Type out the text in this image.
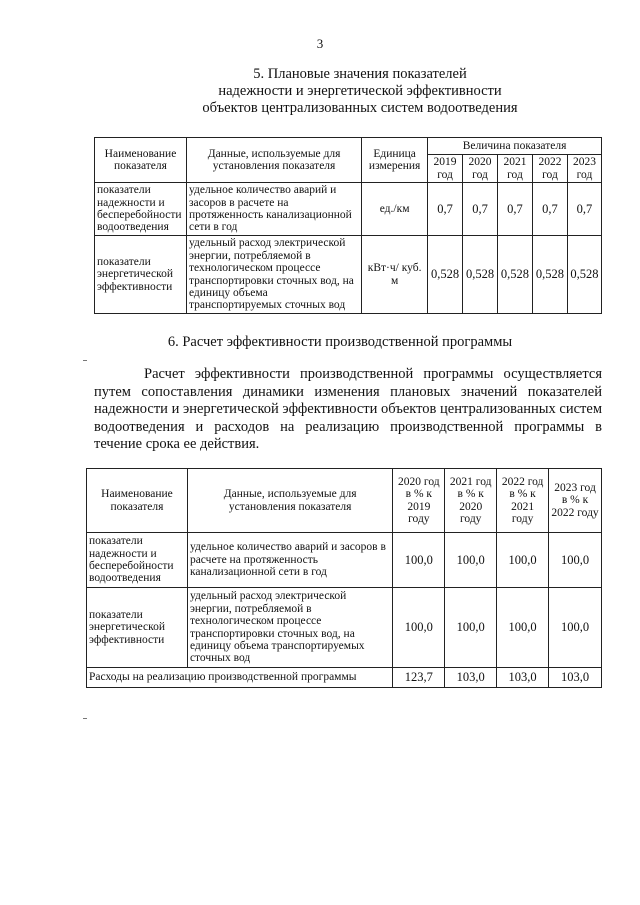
3
5. Плановые значения показателей
надежности и энергетической эффективности
объектов централизованных систем водоотведения
Наименование показателя	Данные, используемые для установления показателя	Единица измерения	Величина показателя				
			2019 год	2020 год	2021 год	2022 год	2023 год
показатели надежности и бесперебойности водоотведения	удельное количество аварий и засоров в расчете на протяженность канализационной сети в год	ед./км	0,7	0,7	0,7	0,7	0,7
показатели энергетической эффективности	удельный расход электрической энергии, потребляемой в технологическом процессе транспортировки сточных вод, на единицу объема транспортируемых сточных вод	кВт·ч/ куб. м	0,528	0,528	0,528	0,528	0,528
6. Расчет эффективности производственной программы
Расчет эффективности производственной программы осуществляется путем сопоставления динамики изменения плановых значений показателей надежности и энергетической эффективности объектов централизованных систем водоотведения и расходов на реализацию производственной программы в течение срока ее действия.
Наименование показателя	Данные, используемые для установления показателя	2020 год в % к 2019 году	2021 год в % к 2020 году	2022 год в % к 2021 году	2023 год в % к 2022 году
показатели надежности и бесперебойности водоотведения	удельное количество аварий и засоров в расчете на протяженность канализационной сети в год	100,0	100,0	100,0	100,0
показатели энергетической эффективности	удельный расход электрической энергии, потребляемой в технологическом процессе транспортировки сточных вод, на единицу объема транспортируемых сточных вод	100,0	100,0	100,0	100,0
Расходы на реализацию производственной программы		123,7	103,0	103,0	103,0
